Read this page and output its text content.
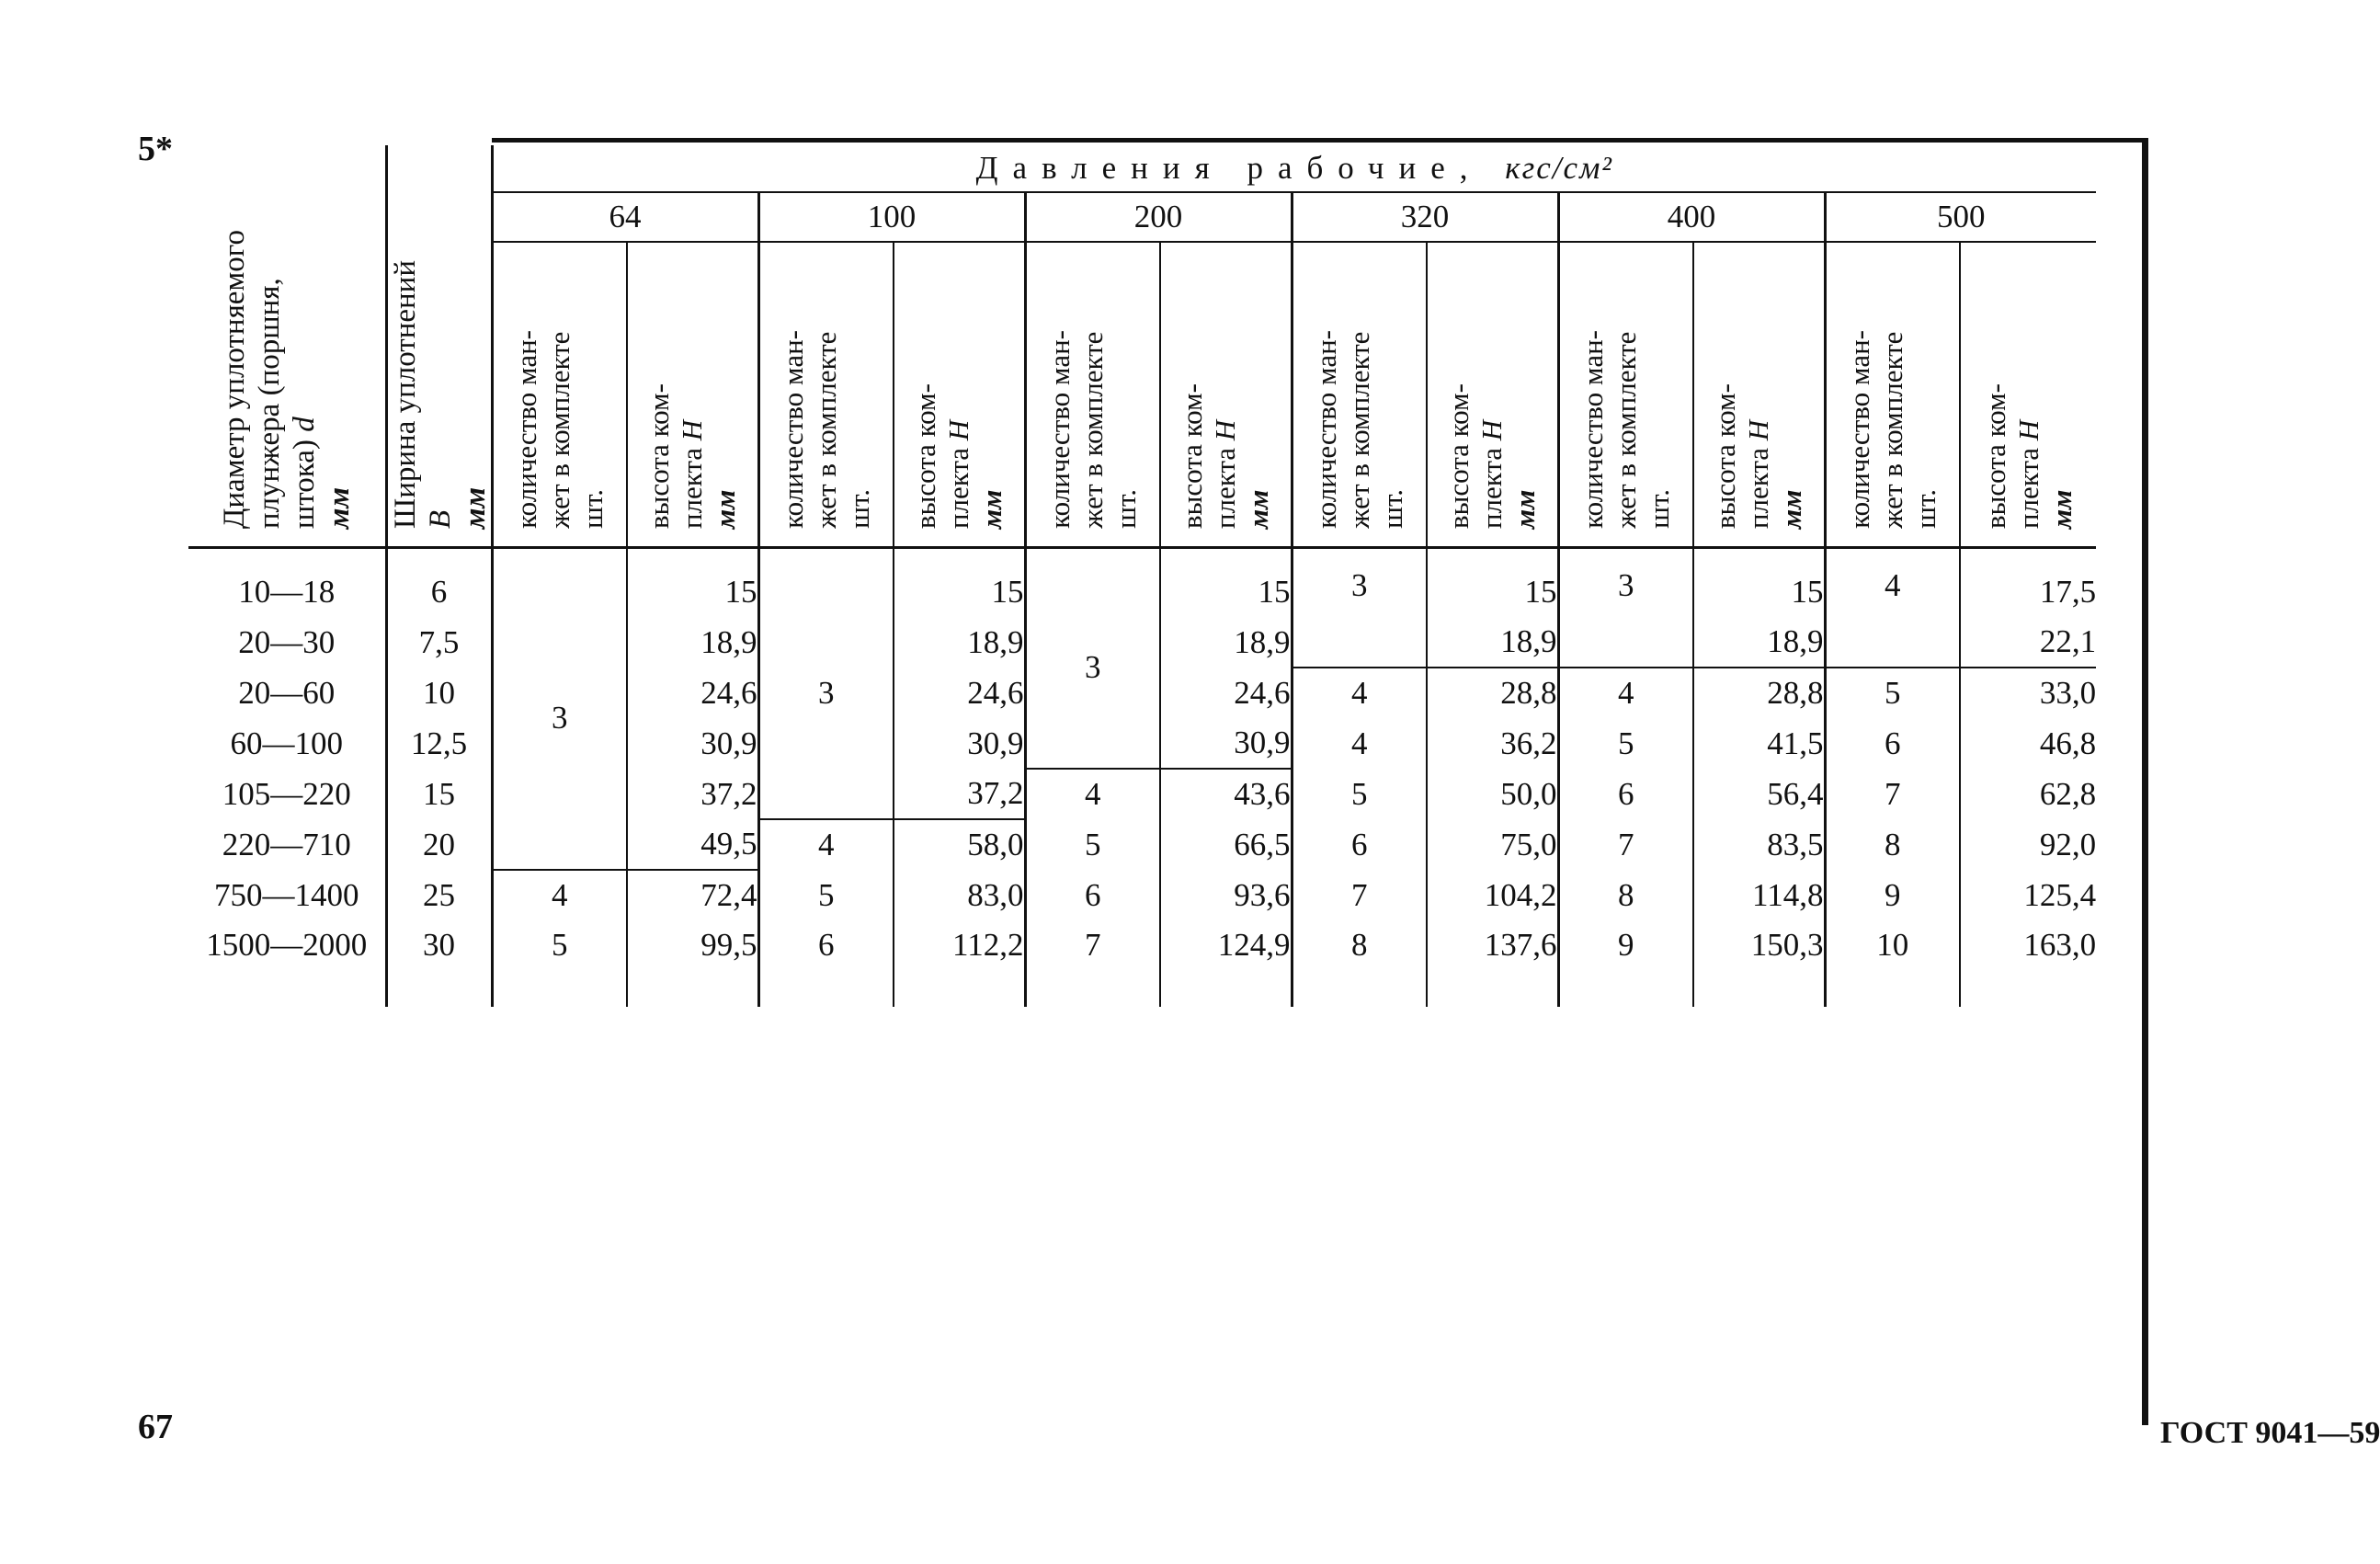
5*
67	ГОСТ 9041—59
Диаметр уплотняемого
плунжера (поршня,
штока) d
мм	Ширина уплотнений
B
мм	Давления рабочие, кгс/см²											
		64		100		200		320		400		500	
		количество ман-
жет в комплекте
шт.	высота ком-
плекта H
мм	количество ман-
жет в комплекте
шт.	высота ком-
плекта H
мм	количество ман-
жет в комплекте
шт.	высота ком-
плекта H
мм	количество ман-
жет в комплекте
шт.	высота ком-
плекта H
мм	количество ман-
жет в комплекте
шт.	высота ком-
плекта H
мм	количество ман-
жет в комплекте
шт.	высота ком-
плекта H
мм
10—18	6	3	15	3	15	3	15	3	15	3	15	4	17,5
20—30	7,5		18,9		18,9		18,9		18,9		18,9		22,1
20—60	10		24,6		24,6		24,6	4	28,8	4	28,8	5	33,0
60—100	12,5		30,9		30,9		30,9	4	36,2	5	41,5	6	46,8
105—220	15		37,2		37,2	4	43,6	5	50,0	6	56,4	7	62,8
220—710	20		49,5	4	58,0	5	66,5	6	75,0	7	83,5	8	92,0
750—1400	25	4	72,4	5	83,0	6	93,6	7	104,2	8	114,8	9	125,4
1500—2000	30	5	99,5	6	112,2	7	124,9	8	137,6	9	150,3	10	163,0
